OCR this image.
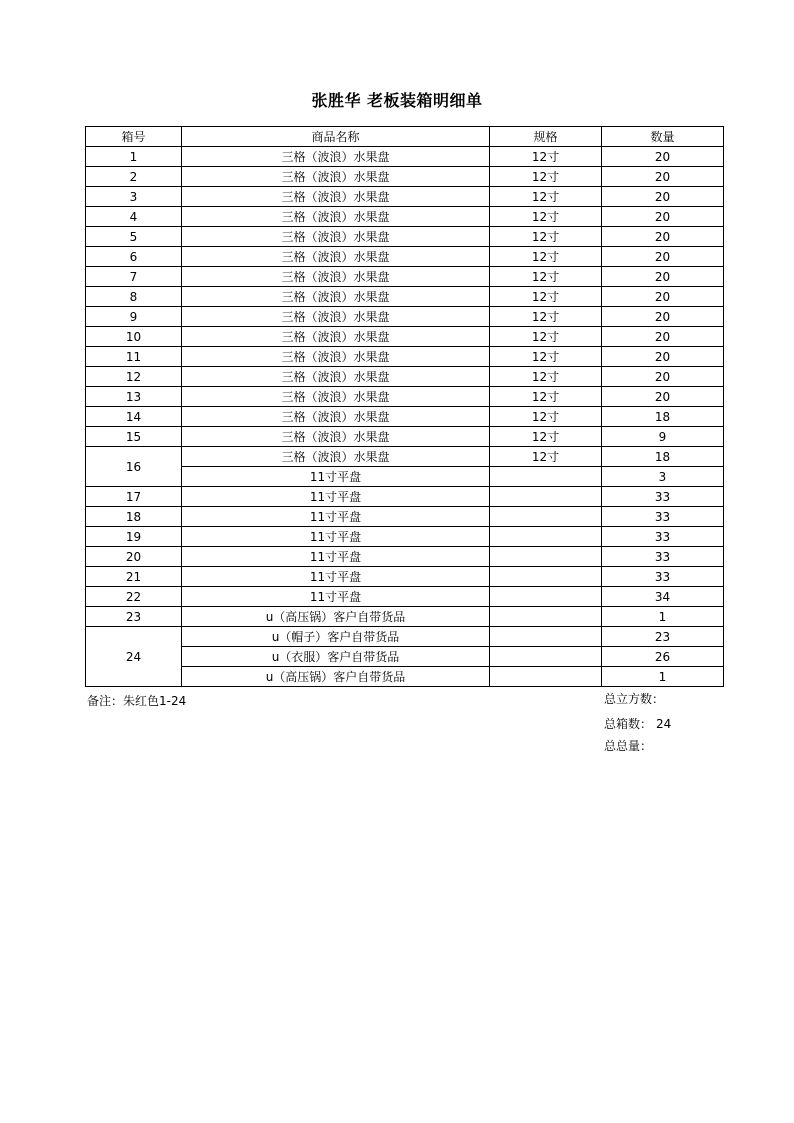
张胜华 老板装箱明细单
箱号	商品名称	规格	数量
1	三格（波浪）水果盘	12寸	20
2	三格（波浪）水果盘	12寸	20
3	三格（波浪）水果盘	12寸	20
4	三格（波浪）水果盘	12寸	20
5	三格（波浪）水果盘	12寸	20
6	三格（波浪）水果盘	12寸	20
7	三格（波浪）水果盘	12寸	20
8	三格（波浪）水果盘	12寸	20
9	三格（波浪）水果盘	12寸	20
10	三格（波浪）水果盘	12寸	20
11	三格（波浪）水果盘	12寸	20
12	三格（波浪）水果盘	12寸	20
13	三格（波浪）水果盘	12寸	20
14	三格（波浪）水果盘	12寸	18
15	三格（波浪）水果盘	12寸	9
16	三格（波浪）水果盘	12寸	18
	11寸平盘		3
17	11寸平盘		33
18	11寸平盘		33
19	11寸平盘		33
20	11寸平盘		33
21	11寸平盘		33
22	11寸平盘		34
23	u（高压锅）客户自带货品		1
24	u（帽子）客户自带货品		23
	u（衣服）客户自带货品		26
	u（高压锅）客户自带货品		1
备注：朱红色1-24	总立方数：
总箱数： 24
总总量：
